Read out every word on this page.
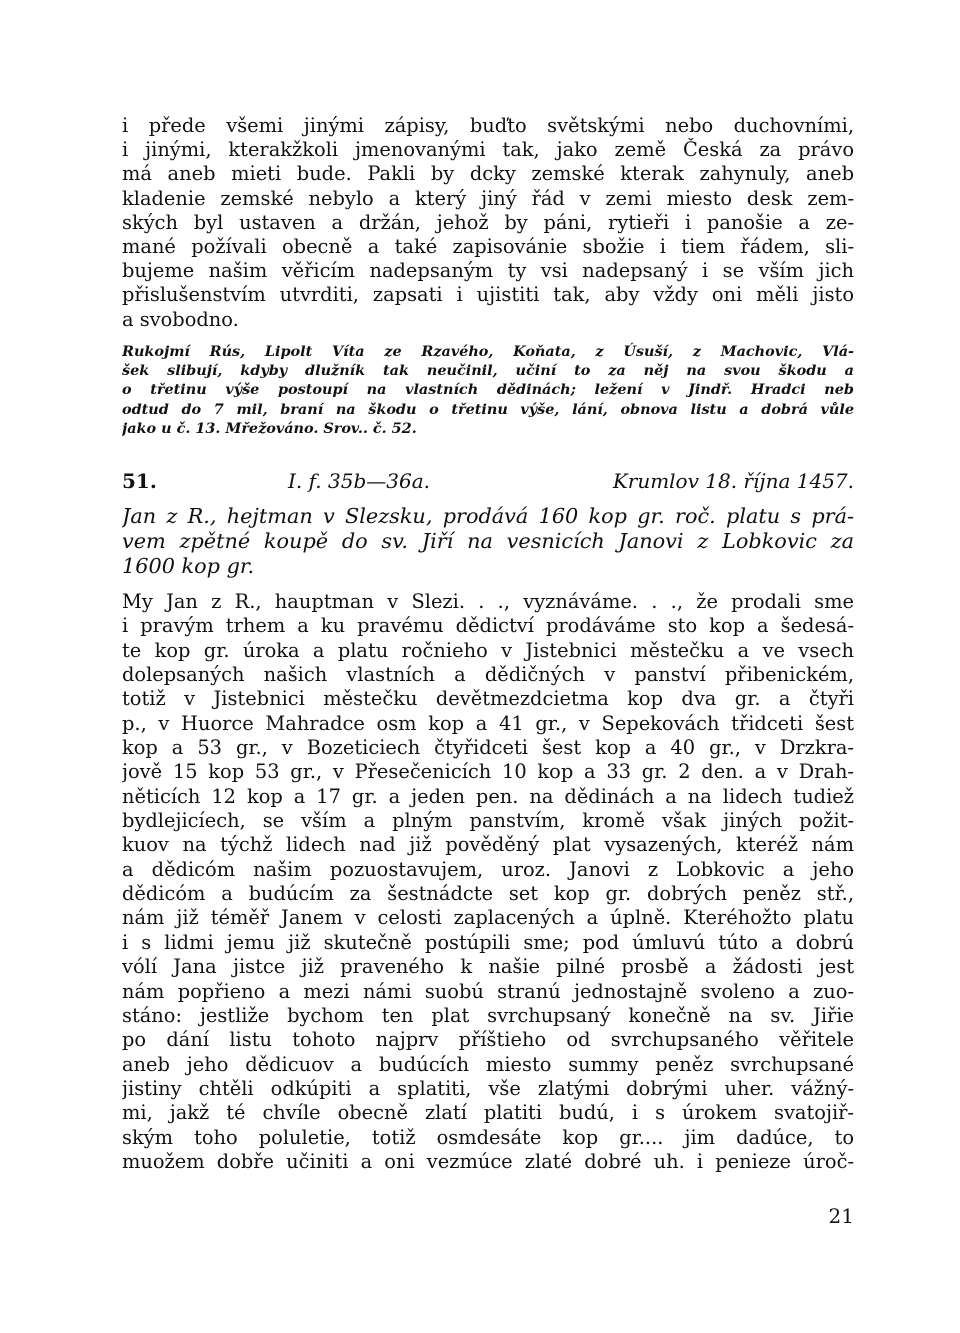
i přede všemi jinými zápisy, buďto světskými nebo duchovními,
i jinými, kterakžkoli jmenovanými tak, jako země Česká za právo
má aneb mieti bude. Pakli by dcky zemské kterak zahynuly, aneb
kladenie zemské nebylo a který jiný řád v zemi miesto desk zem-
ských byl ustaven a držán, jehož by páni, rytieři i panošie a ze-
mané požívali obecně a také zapisovánie sbožie i tiem řádem, sli-
bujeme našim věřicím nadepsaným ty vsi nadepsaný i se vším jich
přislušenstvím utvrditi, zapsati i ujistiti tak, aby vždy oni měli jisto
a svobodno.
Rukojmí Rús, Lipolt Víta ze Rzavého, Koňata, z Úsuší, z Machovic, Vlá-
šek slibují, kdyby dlužník tak neučinil, učiní to za něj na svou škodu a
o třetinu výše postoupí na vlastních dědinách; ležení v Jindř. Hradci neb
odtud do 7 mil, braní na škodu o třetinu výše, lání, obnova listu a dobrá vůle
jako u č. 13. Mřežováno. Srov.. č. 52.
51.	I. f. 35b—36a.	Krumlov 18. října 1457.
Jan z R., hejtman v Slezsku, prodává 160 kop gr. roč. platu s prá-
vem zpětné koupě do sv. Jiří na vesnicích Janovi z Lobkovic za
1600 kop gr.
My Jan z R., hauptman v Slezi. . ., vyznáváme. . ., že prodali sme
i pravým trhem a ku pravému dědictví prodáváme sto kop a šedesá-
te kop gr. úroka a platu ročnieho v Jistebnici městečku a ve vsech
dolepsaných našich vlastních a dědičných v panství přibenickém,
totiž v Jistebnici městečku devětmezdcietma kop dva gr. a čtyři
p., v Huorce Mahradce osm kop a 41 gr., v Sepekovách třidceti šest
kop a 53 gr., v Bozeticiech čtyřidceti šest kop a 40 gr., v Drzkra-
jově 15 kop 53 gr., v Přesečenicích 10 kop a 33 gr. 2 den. a v Drah-
něticích 12 kop a 17 gr. a jeden pen. na dědinách a na lidech tudiež
bydlejicíech, se vším a plným panstvím, kromě však jiných požit-
kuov na týchž lidech nad již pověděný plat vysazených, kteréž nám
a dědicóm našim pozuostavujem, uroz. Janovi z Lobkovic a jeho
dědicóm a budúcím za šestnádcte set kop gr. dobrých peněz stř.,
nám již téměř Janem v celosti zaplacených a úplně. Kteréhožto platu
i s lidmi jemu již skutečně postúpili sme; pod úmluvú túto a dobrú
vólí Jana jistce již praveného k našie pilné prosbě a žádosti jest
nám popřieno a mezi námi suobú stranú jednostajně svoleno a zuo-
stáno: jestliže bychom ten plat svrchupsaný konečně na sv. Jiřie
po dání listu tohoto najprv příštieho od svrchupsaného věřitele
aneb jeho dědicuov a budúcích miesto summy peněz svrchupsané
jistiny chtěli odkúpiti a splatiti, vše zlatými dobrými uher. vážný-
mi, jakž té chvíle obecně zlatí platiti budú, i s úrokem svatojiř-
ským toho poluletie, totiž osmdesáte kop gr.... jim dadúce, to
muožem dobře učiniti a oni vezmúce zlaté dobré uh. i penieze úroč-
21
